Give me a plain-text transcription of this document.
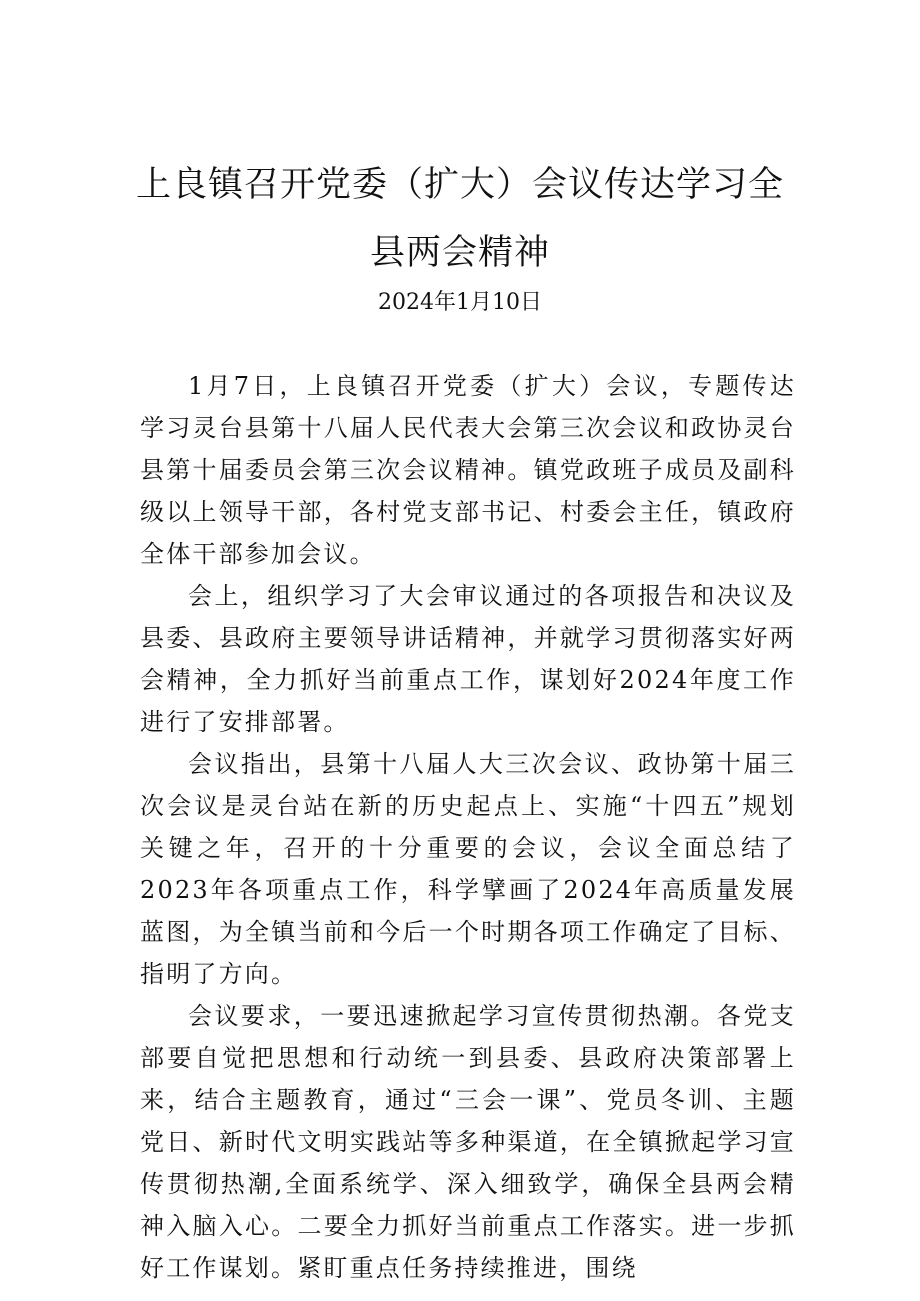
上良镇召开党委（扩大）会议传达学习全
县两会精神
2024年1月10日

1月7日，上良镇召开党委（扩大）会议，专题传达学习灵台县第十八届人民代表大会第三次会议和政协灵台县第十届委员会第三次会议精神。镇党政班子成员及副科级以上领导干部，各村党支部书记、村委会主任，镇政府全体干部参加会议。

会上，组织学习了大会审议通过的各项报告和决议及县委、县政府主要领导讲话精神，并就学习贯彻落实好两会精神，全力抓好当前重点工作，谋划好2024年度工作进行了安排部署。

会议指出，县第十八届人大三次会议、政协第十届三次会议是灵台站在新的历史起点上、实施“十四五”规划关键之年，召开的十分重要的会议，会议全面总结了2023年各项重点工作，科学擘画了2024年高质量发展蓝图，为全镇当前和今后一个时期各项工作确定了目标、指明了方向。

会议要求，一要迅速掀起学习宣传贯彻热潮。各党支部要自觉把思想和行动统一到县委、县政府决策部署上来，结合主题教育，通过“三会一课”、党员冬训、主题党日、新时代文明实践站等多种渠道，在全镇掀起学习宣传贯彻热潮,全面系统学、深入细致学，确保全县两会精神入脑入心。二要全力抓好当前重点工作落实。进一步抓好工作谋划。紧盯重点任务持续推进，围绕
